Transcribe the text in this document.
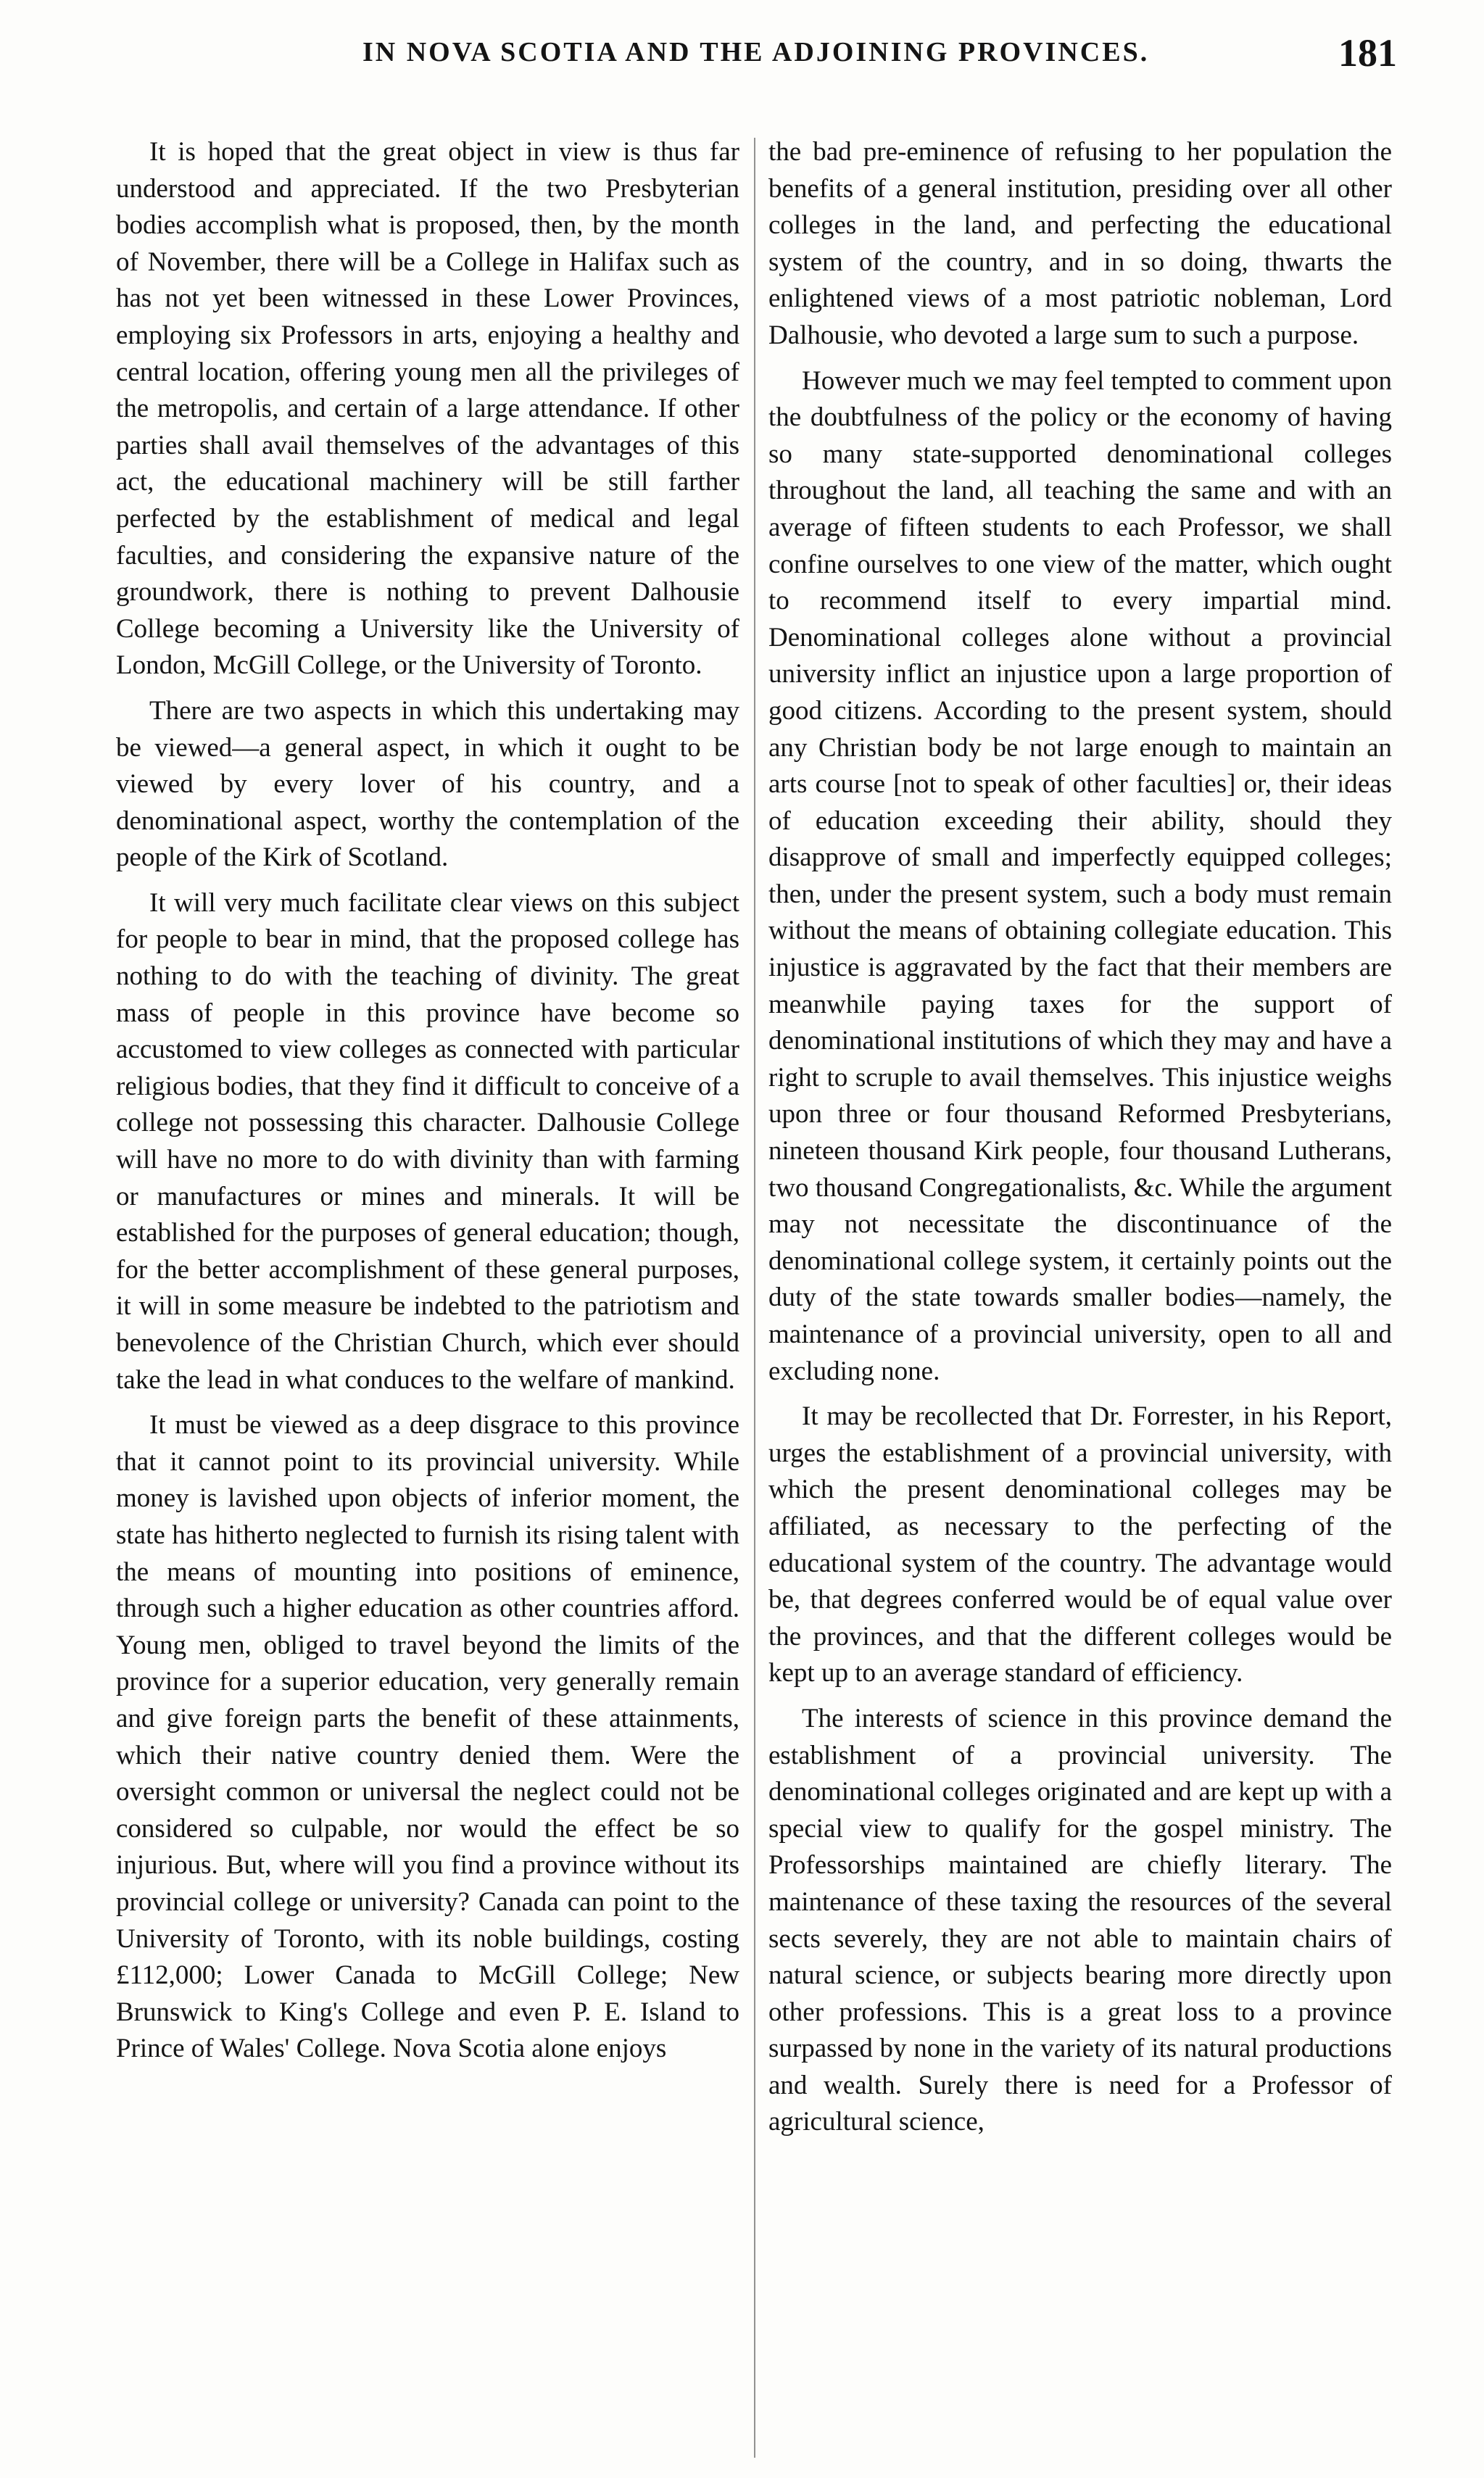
IN NOVA SCOTIA AND THE ADJOINING PROVINCES.	181

It is hoped that the great object in view is thus far understood and appreciated. If the two Presbyterian bodies accomplish what is proposed, then, by the month of November, there will be a College in Halifax such as has not yet been witnessed in these Lower Provinces, employing six Professors in arts, enjoying a healthy and central location, offering young men all the privileges of the metropolis, and certain of a large attendance. If other parties shall avail themselves of the advantages of this act, the educational machinery will be still farther perfected by the establishment of medical and legal faculties, and considering the expansive nature of the groundwork, there is nothing to prevent Dalhousie College becoming a University like the University of London, McGill College, or the University of Toronto.

There are two aspects in which this undertaking may be viewed—a general aspect, in which it ought to be viewed by every lover of his country, and a denominational aspect, worthy the contemplation of the people of the Kirk of Scotland.

It will very much facilitate clear views on this subject for people to bear in mind, that the proposed college has nothing to do with the teaching of divinity. The great mass of people in this province have become so accustomed to view colleges as connected with particular religious bodies, that they find it difficult to conceive of a college not possessing this character. Dalhousie College will have no more to do with divinity than with farming or manufactures or mines and minerals. It will be established for the purposes of general education; though, for the better accomplishment of these general purposes, it will in some measure be indebted to the patriotism and benevolence of the Christian Church, which ever should take the lead in what conduces to the welfare of mankind.

It must be viewed as a deep disgrace to this province that it cannot point to its provincial university. While money is lavished upon objects of inferior moment, the state has hitherto neglected to furnish its rising talent with the means of mounting into positions of eminence, through such a higher education as other countries afford. Young men, obliged to travel beyond the limits of the province for a superior education, very generally remain and give foreign parts the benefit of these attainments, which their native country denied them. Were the oversight common or universal the neglect could not be considered so culpable, nor would the effect be so injurious. But, where will you find a province without its provincial college or university? Canada can point to the University of Toronto, with its noble buildings, costing £112,000; Lower Canada to McGill College; New Brunswick to King's College and even P. E. Island to Prince of Wales' College. Nova Scotia alone enjoys

the bad pre-eminence of refusing to her population the benefits of a general institution, presiding over all other colleges in the land, and perfecting the educational system of the country, and in so doing, thwarts the enlightened views of a most patriotic nobleman, Lord Dalhousie, who devoted a large sum to such a purpose.

However much we may feel tempted to comment upon the doubtfulness of the policy or the economy of having so many state-supported denominational colleges throughout the land, all teaching the same and with an average of fifteen students to each Professor, we shall confine ourselves to one view of the matter, which ought to recommend itself to every impartial mind. Denominational colleges alone without a provincial university inflict an injustice upon a large proportion of good citizens. According to the present system, should any Christian body be not large enough to maintain an arts course [not to speak of other faculties] or, their ideas of education exceeding their ability, should they disapprove of small and imperfectly equipped colleges; then, under the present system, such a body must remain without the means of obtaining collegiate education. This injustice is aggravated by the fact that their members are meanwhile paying taxes for the support of denominational institutions of which they may and have a right to scruple to avail themselves. This injustice weighs upon three or four thousand Reformed Presbyterians, nineteen thousand Kirk people, four thousand Lutherans, two thousand Congregationalists, &c. While the argument may not necessitate the discontinuance of the denominational college system, it certainly points out the duty of the state towards smaller bodies—namely, the maintenance of a provincial university, open to all and excluding none.

It may be recollected that Dr. Forrester, in his Report, urges the establishment of a provincial university, with which the present denominational colleges may be affiliated, as necessary to the perfecting of the educational system of the country. The advantage would be, that degrees conferred would be of equal value over the provinces, and that the different colleges would be kept up to an average standard of efficiency.

The interests of science in this province demand the establishment of a provincial university. The denominational colleges originated and are kept up with a special view to qualify for the gospel ministry. The Professorships maintained are chiefly literary. The maintenance of these taxing the resources of the several sects severely, they are not able to maintain chairs of natural science, or subjects bearing more directly upon other professions. This is a great loss to a province surpassed by none in the variety of its natural productions and wealth. Surely there is need for a Professor of agricultural science,
